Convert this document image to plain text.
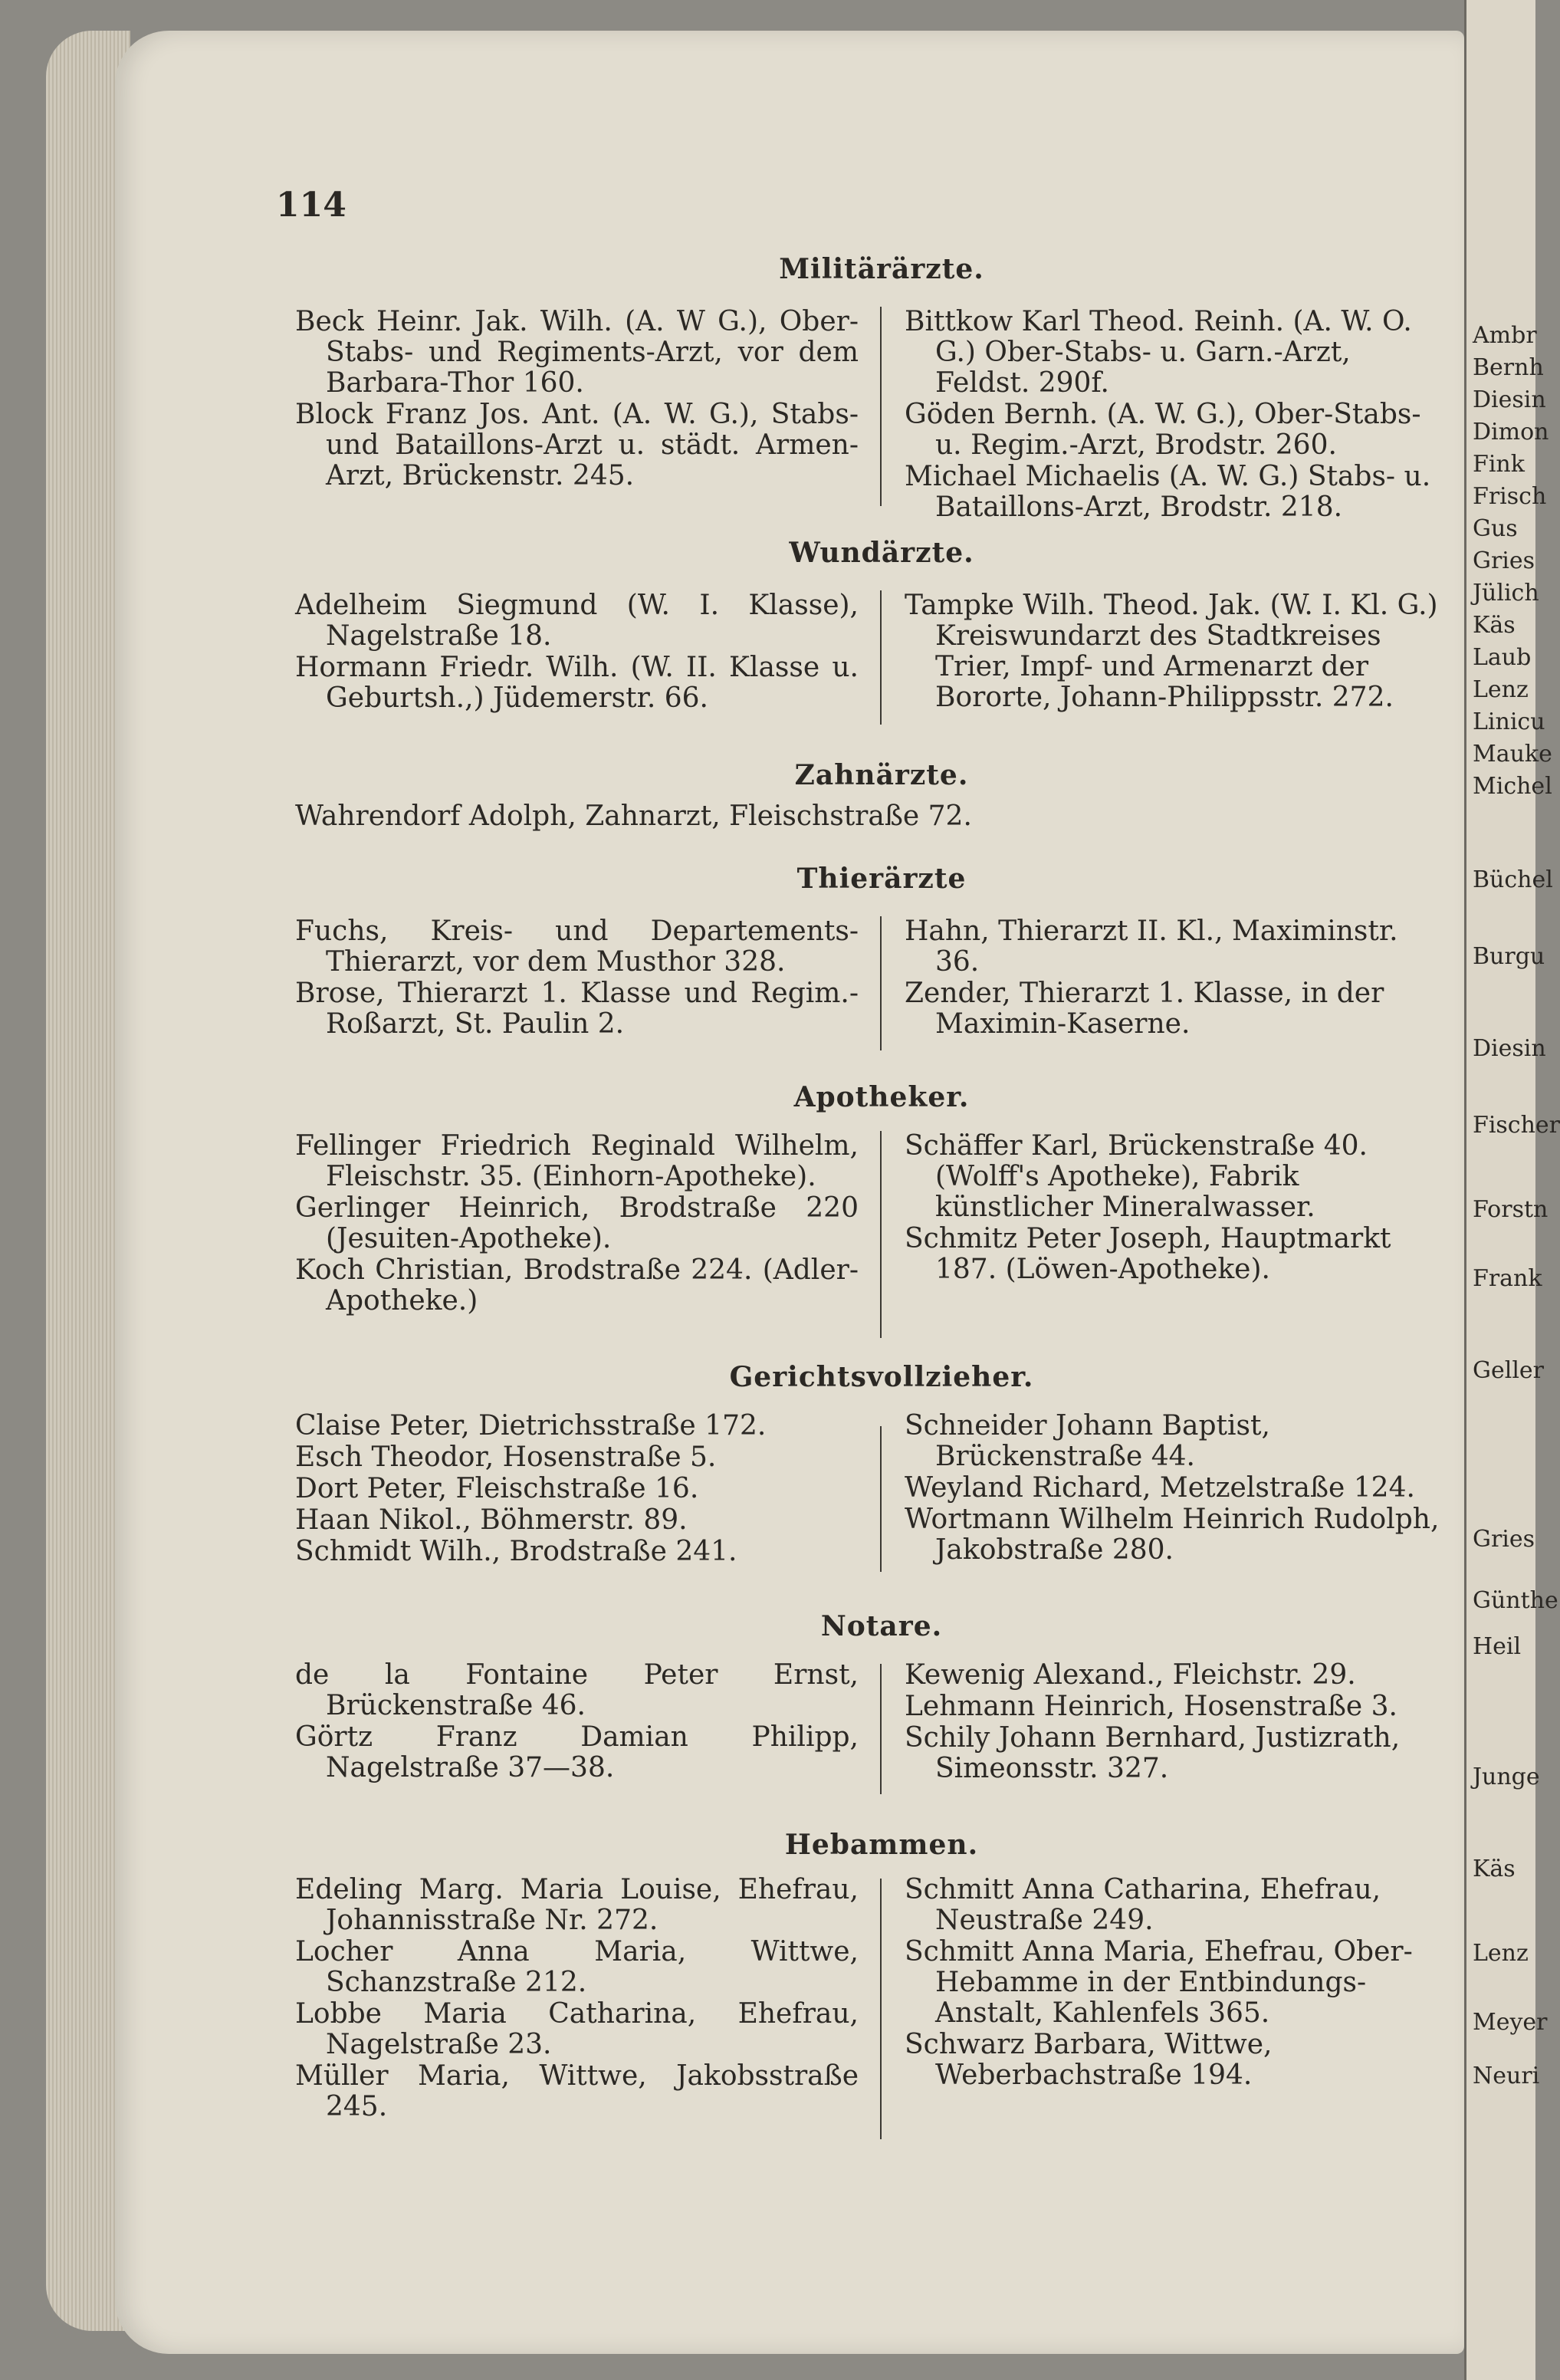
Ambr
Bernh
Diesin
Dimon
Fink
Frisch
Gus
Gries
Jülich
Käs
Laub
Lenz
Linicu
Mauke
Michel
Büchel
Burgu
Diesin
Fischer
Forstn
Frank
Geller
Gries
Günthe
Heil
Junge
Käs
Lenz
Meyer
Neuri
114
Militärärzte.

Beck Heinr. Jak. Wilh. (A. W G.), Ober-Stabs- und Regiments-Arzt, vor dem Barbara-Thor 160.

Block Franz Jos. Ant. (A. W. G.), Stabs- und Bataillons-Arzt u. städt. Armen-Arzt, Brückenstr. 245.

Bittkow Karl Theod. Reinh. (A. W. O. G.) Ober-Stabs- u. Garn.-Arzt, Feldst. 290f.

Göden Bernh. (A. W. G.), Ober-Stabs- u. Regim.-Arzt, Brodstr. 260.

Michael Michaelis (A. W. G.) Stabs- u. Bataillons-Arzt, Brodstr. 218.

Wundärzte.

Adelheim Siegmund (W. I. Klasse), Nagelstraße 18.

Hormann Friedr. Wilh. (W. II. Klasse u. Geburtsh.,) Jüdemerstr. 66.

Tampke Wilh. Theod. Jak. (W. I. Kl. G.) Kreiswundarzt des Stadtkreises Trier, Impf- und Armenarzt der Bororte, Johann-Philippsstr. 272.

Zahnärzte.

Wahrendorf Adolph, Zahnarzt, Fleischstraße 72.

Thierärzte

Fuchs, Kreis- und Departements-Thierarzt, vor dem Musthor 328.

Brose, Thierarzt 1. Klasse und Regim.-Roßarzt, St. Paulin 2.

Hahn, Thierarzt II. Kl., Maximinstr. 36.

Zender, Thierarzt 1. Klasse, in der Maximin-Kaserne.

Apotheker.

Fellinger Friedrich Reginald Wilhelm, Fleischstr. 35. (Einhorn-Apotheke).

Gerlinger Heinrich, Brodstraße 220 (Jesuiten-Apotheke).

Koch Christian, Brodstraße 224. (Adler-Apotheke.)

Schäffer Karl, Brückenstraße 40. (Wolff's Apotheke), Fabrik künstlicher Mineralwasser.

Schmitz Peter Joseph, Hauptmarkt 187. (Löwen-Apotheke).

Gerichtsvollzieher.

Claise Peter, Dietrichsstraße 172.

Esch Theodor, Hosenstraße 5.

Dort Peter, Fleischstraße 16.

Haan Nikol., Böhmerstr. 89.

Schmidt Wilh., Brodstraße 241.

Schneider Johann Baptist, Brückenstraße 44.

Weyland Richard, Metzelstraße 124.

Wortmann Wilhelm Heinrich Rudolph, Jakobstraße 280.

Notare.

de la Fontaine Peter Ernst, Brückenstraße 46.

Görtz Franz Damian Philipp, Nagelstraße 37—38.

Kewenig Alexand., Fleichstr. 29.

Lehmann Heinrich, Hosenstraße 3.

Schily Johann Bernhard, Justizrath, Simeonsstr. 327.

Hebammen.

Edeling Marg. Maria Louise, Ehefrau, Johannisstraße Nr. 272.

Locher Anna Maria, Wittwe, Schanzstraße 212.

Lobbe Maria Catharina, Ehefrau, Nagelstraße 23.

Müller Maria, Wittwe, Jakobsstraße 245.

Schmitt Anna Catharina, Ehefrau, Neustraße 249.

Schmitt Anna Maria, Ehefrau, Ober-Hebamme in der Entbindungs-Anstalt, Kahlenfels 365.

Schwarz Barbara, Wittwe, Weberbachstraße 194.
